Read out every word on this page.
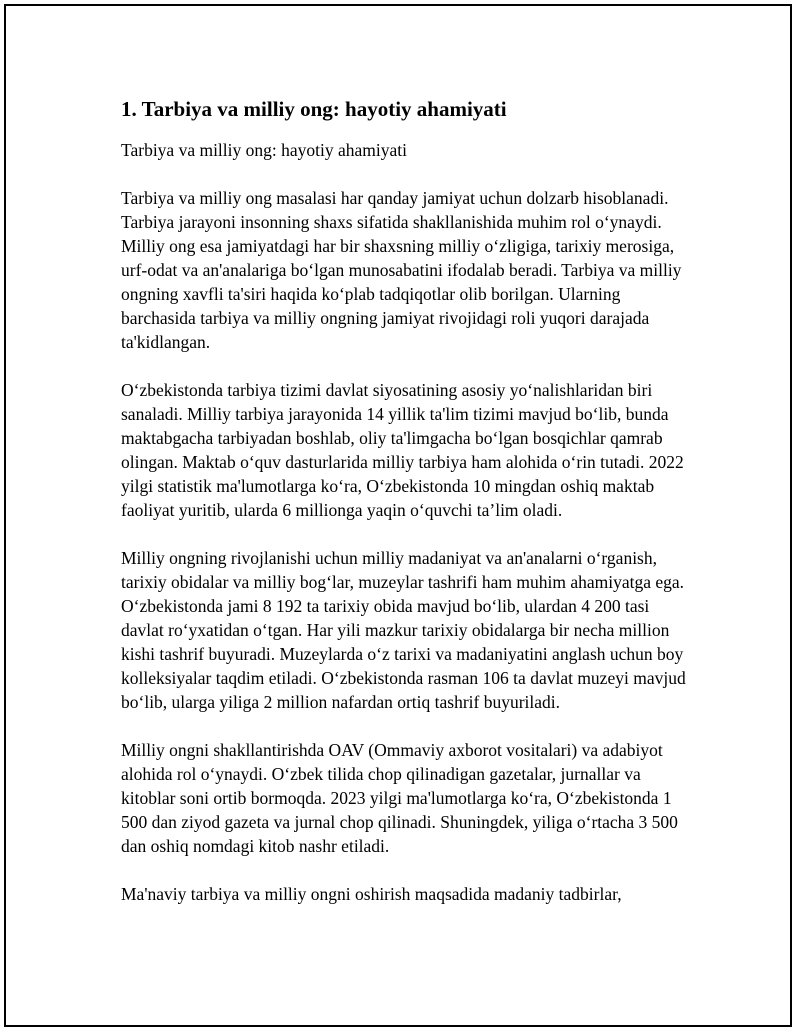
1. Tarbiya va milliy ong: hayotiy ahamiyati

Tarbiya va milliy ong: hayotiy ahamiyati

Tarbiya va milliy ong masalasi har qanday jamiyat uchun dolzarb hisoblanadi. Tarbiya jarayoni insonning shaxs sifatida shakllanishida muhim rol o‘ynaydi. Milliy ong esa jamiyatdagi har bir shaxsning milliy o‘zligiga, tarixiy merosiga, urf-odat va an'analariga bo‘lgan munosabatini ifodalab beradi. Tarbiya va milliy ongning xavfli ta'siri haqida ko‘plab tadqiqotlar olib borilgan. Ularning barchasida tarbiya va milliy ongning jamiyat rivojidagi roli yuqori darajada ta'kidlangan.

O‘zbekistonda tarbiya tizimi davlat siyosatining asosiy yo‘nalishlaridan biri sanaladi. Milliy tarbiya jarayonida 14 yillik ta'lim tizimi mavjud bo‘lib, bunda maktabgacha tarbiyadan boshlab, oliy ta'limgacha bo‘lgan bosqichlar qamrab olingan. Maktab o‘quv dasturlarida milliy tarbiya ham alohida o‘rin tutadi. 2022 yilgi statistik ma'lumotlarga ko‘ra, O‘zbekistonda 10 mingdan oshiq maktab faoliyat yuritib, ularda 6 millionga yaqin o‘quvchi ta’lim oladi.

Milliy ongning rivojlanishi uchun milliy madaniyat va an'analarni o‘rganish, tarixiy obidalar va milliy bog‘lar, muzeylar tashrifi ham muhim ahamiyatga ega. O‘zbekistonda jami 8 192 ta tarixiy obida mavjud bo‘lib, ulardan 4 200 tasi davlat ro‘yxatidan o‘tgan. Har yili mazkur tarixiy obidalarga bir necha million kishi tashrif buyuradi. Muzeylarda o‘z tarixi va madaniyatini anglash uchun boy kolleksiyalar taqdim etiladi. O‘zbekistonda rasman 106 ta davlat muzeyi mavjud bo‘lib, ularga yiliga 2 million nafardan ortiq tashrif buyuriladi.

Milliy ongni shakllantirishda OAV (Ommaviy axborot vositalari) va adabiyot alohida rol o‘ynaydi. O‘zbek tilida chop qilinadigan gazetalar, jurnallar va kitoblar soni ortib bormoqda. 2023 yilgi ma'lumotlarga ko‘ra, O‘zbekistonda 1 500 dan ziyod gazeta va jurnal chop qilinadi. Shuningdek, yiliga o‘rtacha 3 500 dan oshiq nomdagi kitob nashr etiladi.

Ma'naviy tarbiya va milliy ongni oshirish maqsadida madaniy tadbirlar,
